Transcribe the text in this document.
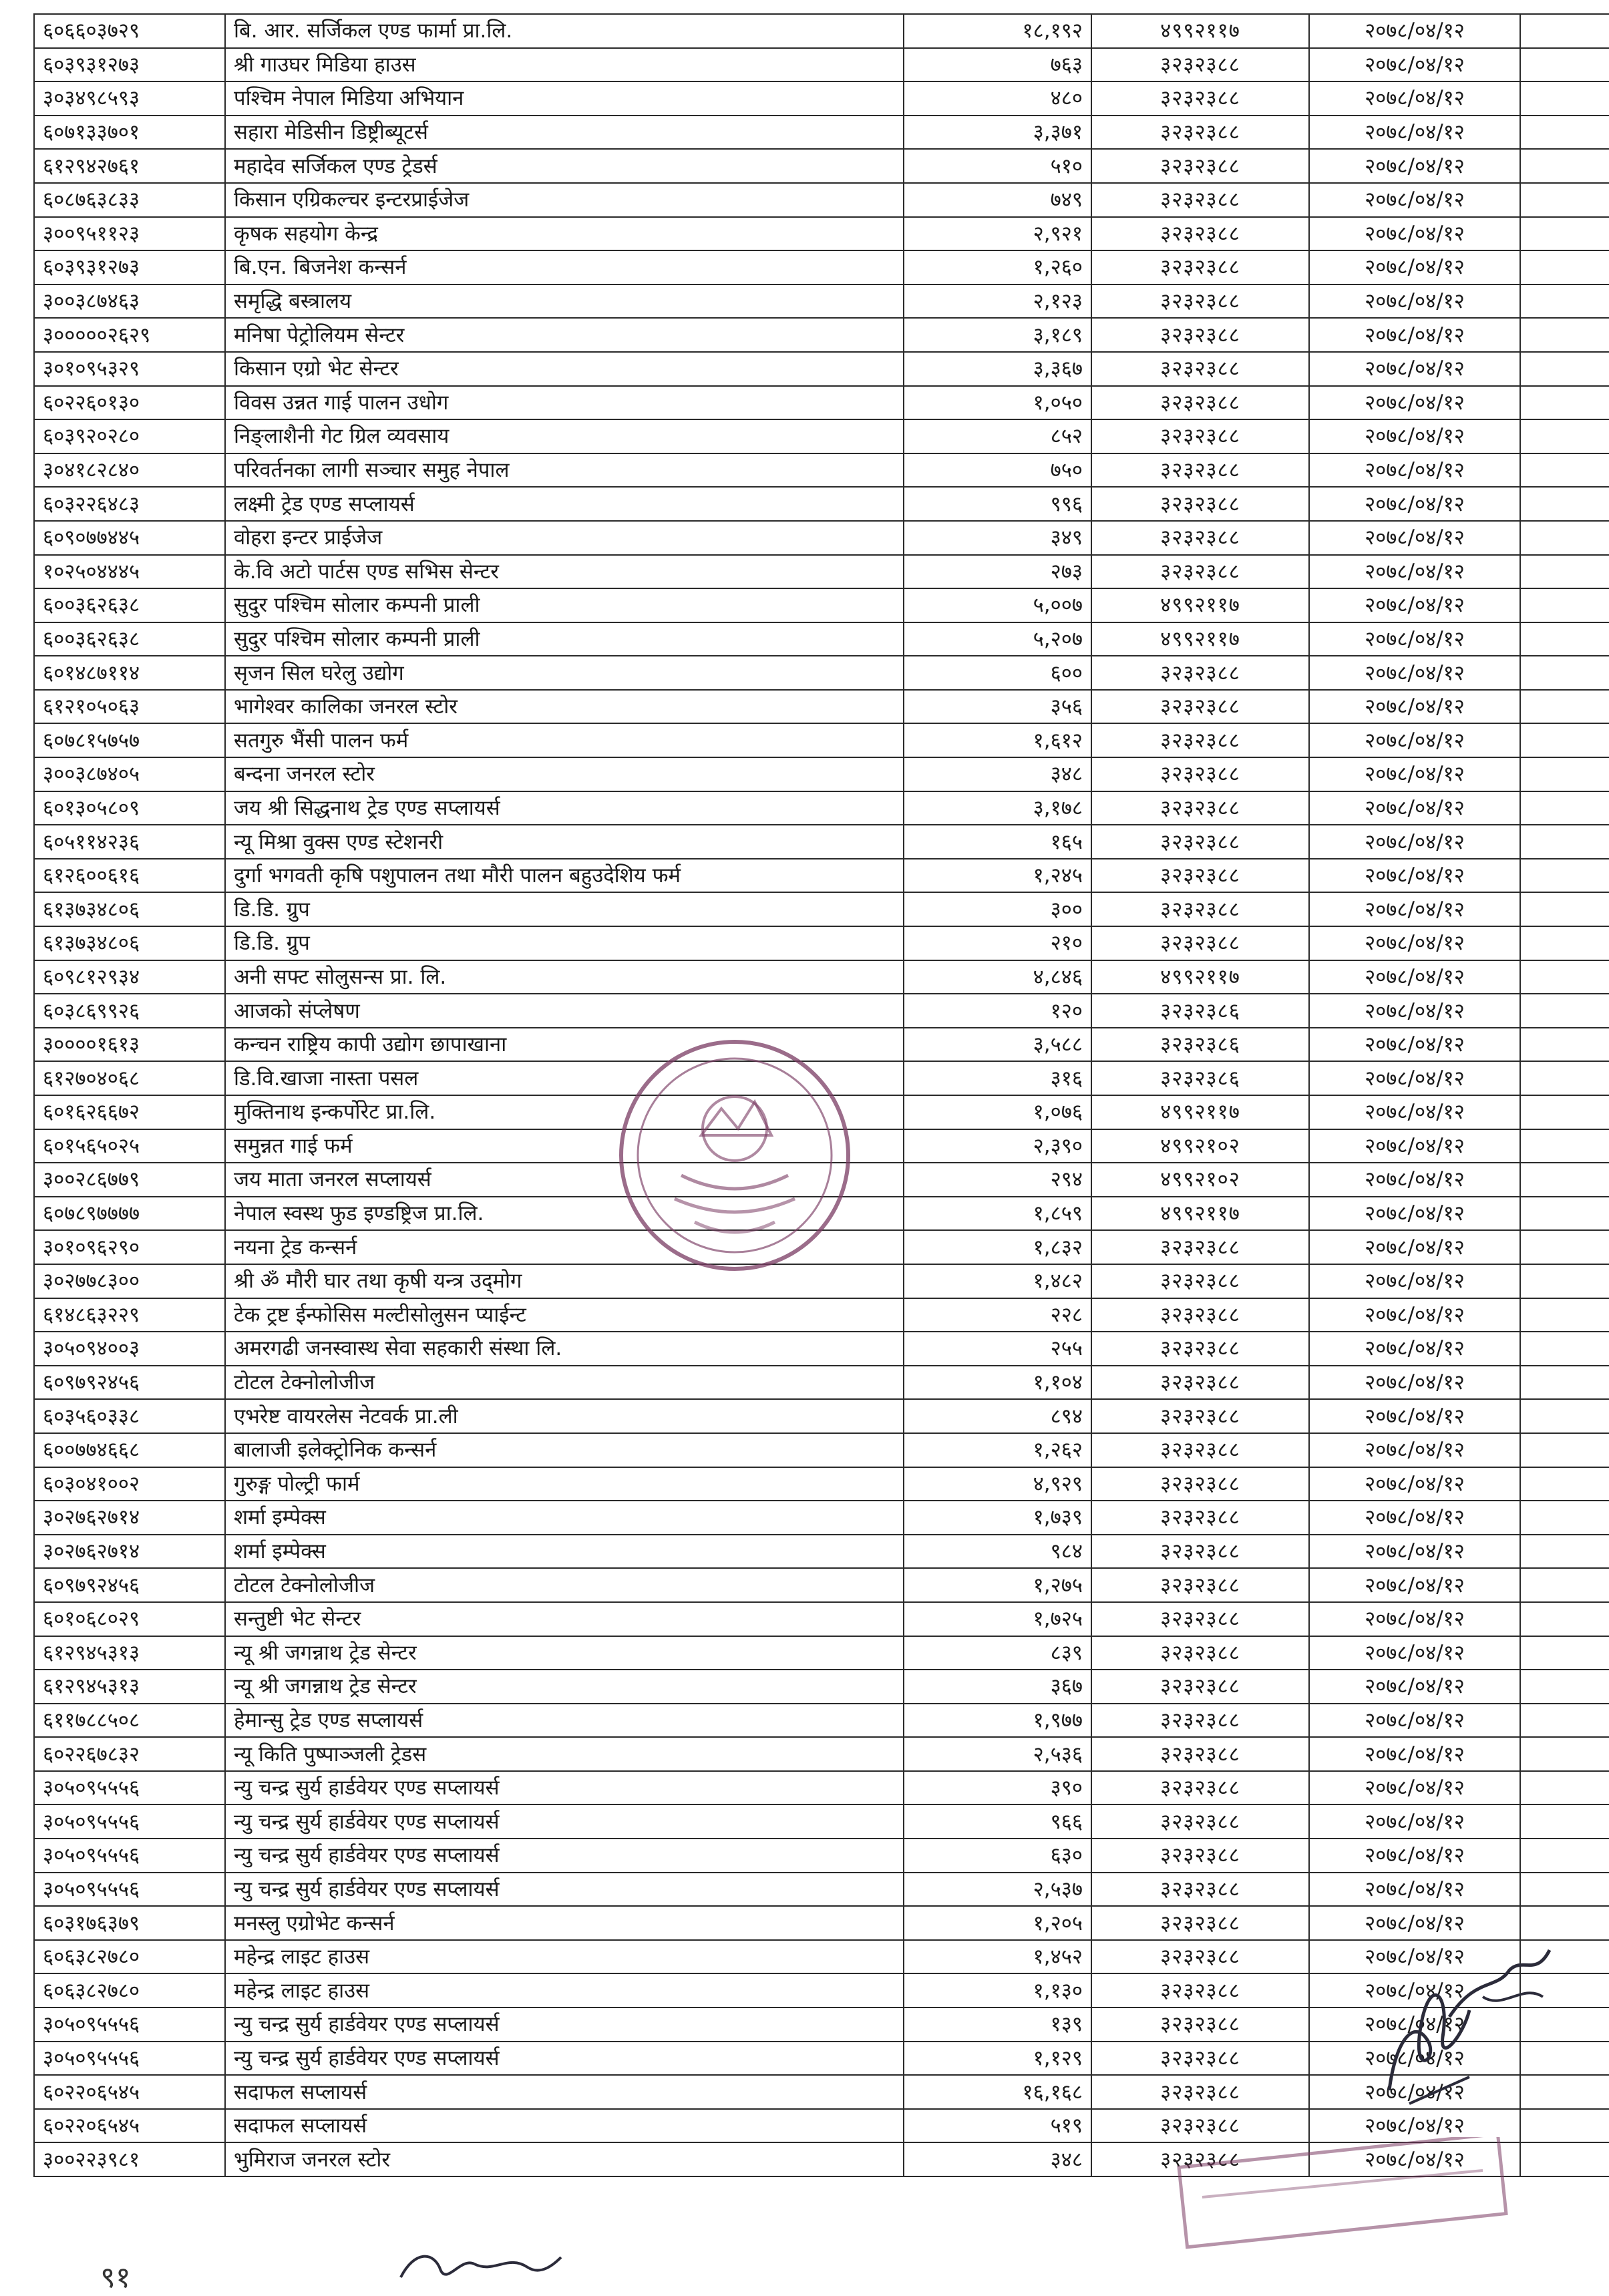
६०६६०३७२९	बि. आर. सर्जिकल एण्ड फार्मा प्रा.लि.	१८,१९२	४९९२११७	२०७८/०४/१२	
६०३९३१२७३	श्री गाउघर मिडिया हाउस	७६३	३२३२३८८	२०७८/०४/१२	
३०३४९८५९३	पश्चिम नेपाल मिडिया अभियान	४८०	३२३२३८८	२०७८/०४/१२	
६०७१३३७०१	सहारा मेडिसीन डिष्ट्रीब्यूटर्स	३,३७१	३२३२३८८	२०७८/०४/१२	
६१२९४२७६१	महादेव सर्जिकल एण्ड ट्रेडर्स	५१०	३२३२३८८	२०७८/०४/१२	
६०८७६३८३३	किसान एग्रिकल्चर इन्टरप्राईजेज	७४९	३२३२३८८	२०७८/०४/१२	
३००९५११२३	कृषक सहयोग केन्द्र	२,९२१	३२३२३८८	२०७८/०४/१२	
६०३९३१२७३	बि.एन. बिजनेश कन्सर्न	१,२६०	३२३२३८८	२०७८/०४/१२	
३००३८७४६३	समृद्धि बस्त्रालय	२,१२३	३२३२३८८	२०७८/०४/१२	
३०००००२६२९	मनिषा पेट्रोलियम सेन्टर	३,१८९	३२३२३८८	२०७८/०४/१२	
३०१०९५३२९	किसान एग्रो भेट सेन्टर	३,३६७	३२३२३८८	२०७८/०४/१२	
६०२२६०१३०	विवस उन्नत गाई पालन उधोग	१,०५०	३२३२३८८	२०७८/०४/१२	
६०३९२०२८०	निङ्लाशैनी गेट ग्रिल व्यवसाय	८५२	३२३२३८८	२०७८/०४/१२	
३०४१८२८४०	परिवर्तनका लागी सञ्चार समुह नेपाल	७५०	३२३२३८८	२०७८/०४/१२	
६०३२२६४८३	लक्ष्मी ट्रेड एण्ड सप्लायर्स	९९६	३२३२३८८	२०७८/०४/१२	
६०९०७७४४५	वोहरा इन्टर प्राईजेज	३४९	३२३२३८८	२०७८/०४/१२	
१०२५०४४४५	के.वि अटो पार्टस एण्ड सभिस सेन्टर	२७३	३२३२३८८	२०७८/०४/१२	
६००३६२६३८	सुदुर पश्चिम सोलार कम्पनी प्राली	५,००७	४९९२११७	२०७८/०४/१२	
६००३६२६३८	सुदुर पश्चिम सोलार कम्पनी प्राली	५,२०७	४९९२११७	२०७८/०४/१२	
६०१४८७११४	सृजन सिल घरेलु उद्योग	६००	३२३२३८८	२०७८/०४/१२	
६१२१०५०६३	भागेश्वर कालिका जनरल स्टोर	३५६	३२३२३८८	२०७८/०४/१२	
६०७८१५७५७	सतगुरु भैंसी पालन फर्म	१,६१२	३२३२३८८	२०७८/०४/१२	
३००३८७४०५	बन्दना जनरल स्टोर	३४८	३२३२३८८	२०७८/०४/१२	
६०१३०५८०९	जय श्री सिद्धनाथ ट्रेड एण्ड सप्लायर्स	३,१७८	३२३२३८८	२०७८/०४/१२	
६०५११४२३६	न्यू मिश्रा वुक्स एण्ड स्टेशनरी	१६५	३२३२३८८	२०७८/०४/१२	
६१२६००६१६	दुर्गा भगवती कृषि पशुपालन तथा मौरी पालन बहुउदेशिय फर्म	१,२४५	३२३२३८८	२०७८/०४/१२	
६१३७३४८०६	डि.डि. ग्रुप	३००	३२३२३८८	२०७८/०४/१२	
६१३७३४८०६	डि.डि. ग्रुप	२१०	३२३२३८८	२०७८/०४/१२	
६०९८१२९३४	अनी सफ्ट सोलुसन्स प्रा. लि.	४,८४६	४९९२११७	२०७८/०४/१२	
६०३८६९९२६	आजकाे संप्लेषण	१२०	३२३२३८६	२०७८/०४/१२	
३००००१६१३	कन्चन राष्ट्रिय कापी उद्योग छापाखाना	३,५८८	३२३२३८६	२०७८/०४/१२	
६१२७०४०६८	डि.वि.खाजा नास्ता पसल	३१६	३२३२३८६	२०७८/०४/१२	
६०१६२६६७२	मुक्तिनाथ इन्कर्पोरेट प्रा.लि.	१,०७६	४९९२११७	२०७८/०४/१२	
६०१५६५०२५	समुन्नत गाई फर्म	२,३९०	४९९२१०२	२०७८/०४/१२	
३००२८६७७९	जय माता जनरल सप्लायर्स	२९४	४९९२१०२	२०७८/०४/१२	
६०७८९७७७७	नेपाल स्वस्थ फुड इण्डष्ट्रिज प्रा.लि.	१,८५९	४९९२११७	२०७८/०४/१२	
३०१०९६२९०	नयना ट्रेड कन्सर्न	१,८३२	३२३२३८८	२०७८/०४/१२	
३०२७७८३००	श्री ॐ मौरी घार तथा कृषी यन्त्र उद्‍मोग	१,४८२	३२३२३८८	२०७८/०४/१२	
६१४८६३२२९	टेक ट्रष्ट ईन्फोसिस मल्टीसोलुसन प्याईन्ट	२२८	३२३२३८८	२०७८/०४/१२	
३०५०९४००३	अमरगढी जनस्वास्थ सेवा सहकारी संस्था लि.	२५५	३२३२३८८	२०७८/०४/१२	
६०९७९२४५६	टोटल टेक्नोलोजीज	१,१०४	३२३२३८८	२०७८/०४/१२	
६०३५६०३३८	एभरेष्ट वायरलेस नेटवर्क प्रा.ली	८९४	३२३२३८८	२०७८/०४/१२	
६००७७४६६८	बालाजी इलेक्ट्रोनिक कन्सर्न	१,२६२	३२३२३८८	२०७८/०४/१२	
६०३०४१००२	गुरुङ्ग पोल्ट्री फार्म	४,९२९	३२३२३८८	२०७८/०४/१२	
३०२७६२७१४	शर्मा इम्पेक्स	१,७३९	३२३२३८८	२०७८/०४/१२	
३०२७६२७१४	शर्मा इम्पेक्स	९८४	३२३२३८८	२०७८/०४/१२	
६०९७९२४५६	टोटल टेक्नोलोजीज	१,२७५	३२३२३८८	२०७८/०४/१२	
६०१०६८०२९	सन्तुष्टी भेट सेन्टर	१,७२५	३२३२३८८	२०७८/०४/१२	
६१२९४५३१३	न्यू श्री जगन्नाथ ट्रेड सेन्टर	८३९	३२३२३८८	२०७८/०४/१२	
६१२९४५३१३	न्यू श्री जगन्नाथ ट्रेड सेन्टर	३६७	३२३२३८८	२०७८/०४/१२	
६११७८८५०८	हेमान्सु ट्रेड एण्ड सप्लायर्स	१,९७७	३२३२३८८	२०७८/०४/१२	
६०२२६७८३२	न्यू किति पुष्पाञ्जली ट्रेडस	२,५३६	३२३२३८८	२०७८/०४/१२	
३०५०९५५५६	न्यु चन्द्र सुर्य हार्डवेयर एण्ड सप्लायर्स	३९०	३२३२३८८	२०७८/०४/१२	
३०५०९५५५६	न्यु चन्द्र सुर्य हार्डवेयर एण्ड सप्लायर्स	९६६	३२३२३८८	२०७८/०४/१२	
३०५०९५५५६	न्यु चन्द्र सुर्य हार्डवेयर एण्ड सप्लायर्स	६३०	३२३२३८८	२०७८/०४/१२	
३०५०९५५५६	न्यु चन्द्र सुर्य हार्डवेयर एण्ड सप्लायर्स	२,५३७	३२३२३८८	२०७८/०४/१२	
६०३१७६३७९	मनस्लु एग्रोभेट कन्सर्न	१,२०५	३२३२३८८	२०७८/०४/१२	
६०६३८२७८०	महेन्द्र लाइट हाउस	१,४५२	३२३२३८८	२०७८/०४/१२	
६०६३८२७८०	महेन्द्र लाइट हाउस	१,१३०	३२३२३८८	२०७८/०४/१२	
३०५०९५५५६	न्यु चन्द्र सुर्य हार्डवेयर एण्ड सप्लायर्स	१३९	३२३२३८८	२०७८/०४/१२	
३०५०९५५५६	न्यु चन्द्र सुर्य हार्डवेयर एण्ड सप्लायर्स	१,१२९	३२३२३८८	२०७८/०४/१२	
६०२२०६५४५	सदाफल सप्लायर्स	१६,१६८	३२३२३८८	२०७८/०४/१२	
६०२२०६५४५	सदाफल सप्लायर्स	५१९	३२३२३८८	२०७८/०४/१२	
३००२२३९८१	भुमिराज जनरल स्टोर	३४८	३२३२३८८	२०७८/०४/१२	
९१
